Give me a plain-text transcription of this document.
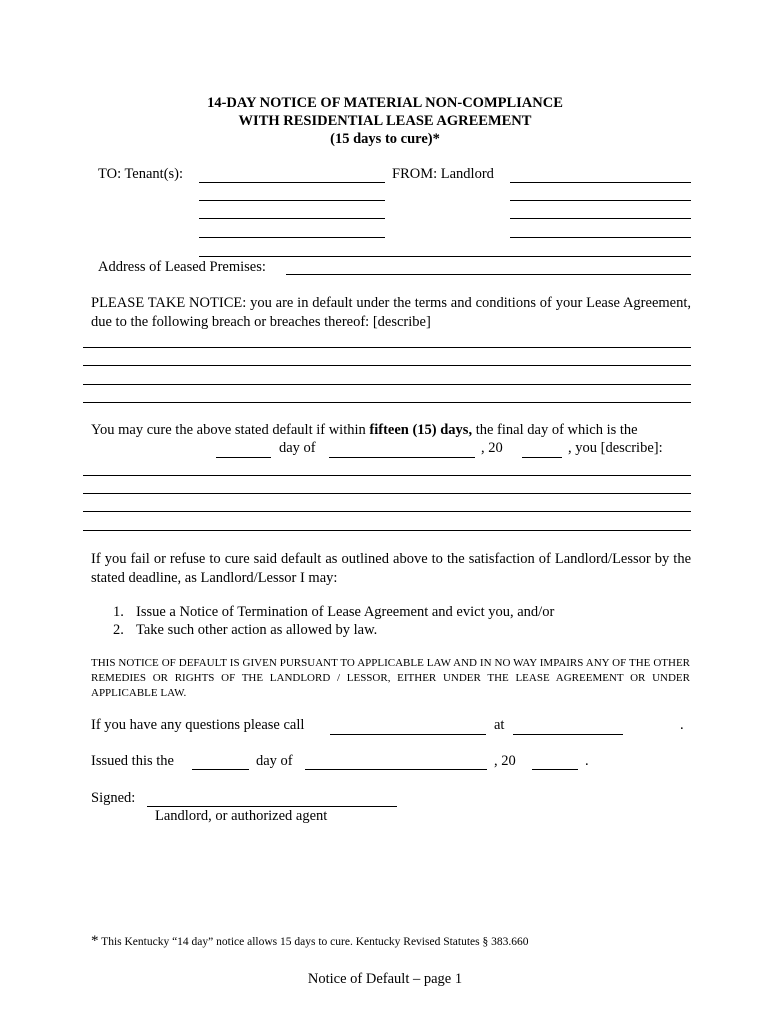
14-DAY NOTICE OF MATERIAL NON-COMPLIANCE
WITH RESIDENTIAL LEASE AGREEMENT
(15 days to cure)*
TO: Tenant(s):	FROM: Landlord
Address of Leased Premises:
PLEASE TAKE NOTICE: you are in default under the terms and conditions of your Lease Agreement, due to the following breach or breaches thereof: [describe]
You may cure the above stated default if within fifteen (15) days, the final day of which is the
day of	, 20	, you [describe]:
If you fail or refuse to cure said default as outlined above to the satisfaction of Landlord/Lessor by the stated deadline, as Landlord/Lessor I may:
1. Issue a Notice of Termination of Lease Agreement and evict you, and/or
2. Take such other action as allowed by law.
THIS NOTICE OF DEFAULT IS GIVEN PURSUANT TO APPLICABLE LAW AND IN NO WAY IMPAIRS ANY OF THE OTHER REMEDIES OR RIGHTS OF THE LANDLORD / LESSOR, EITHER UNDER THE LEASE AGREEMENT OR UNDER APPLICABLE LAW.
If you have any questions please call	at	.
Issued this the	day of	, 20	.
Signed:
Landlord, or authorized agent
* This Kentucky “14 day” notice allows 15 days to cure. Kentucky Revised Statutes § 383.660
Notice of Default – page 1
